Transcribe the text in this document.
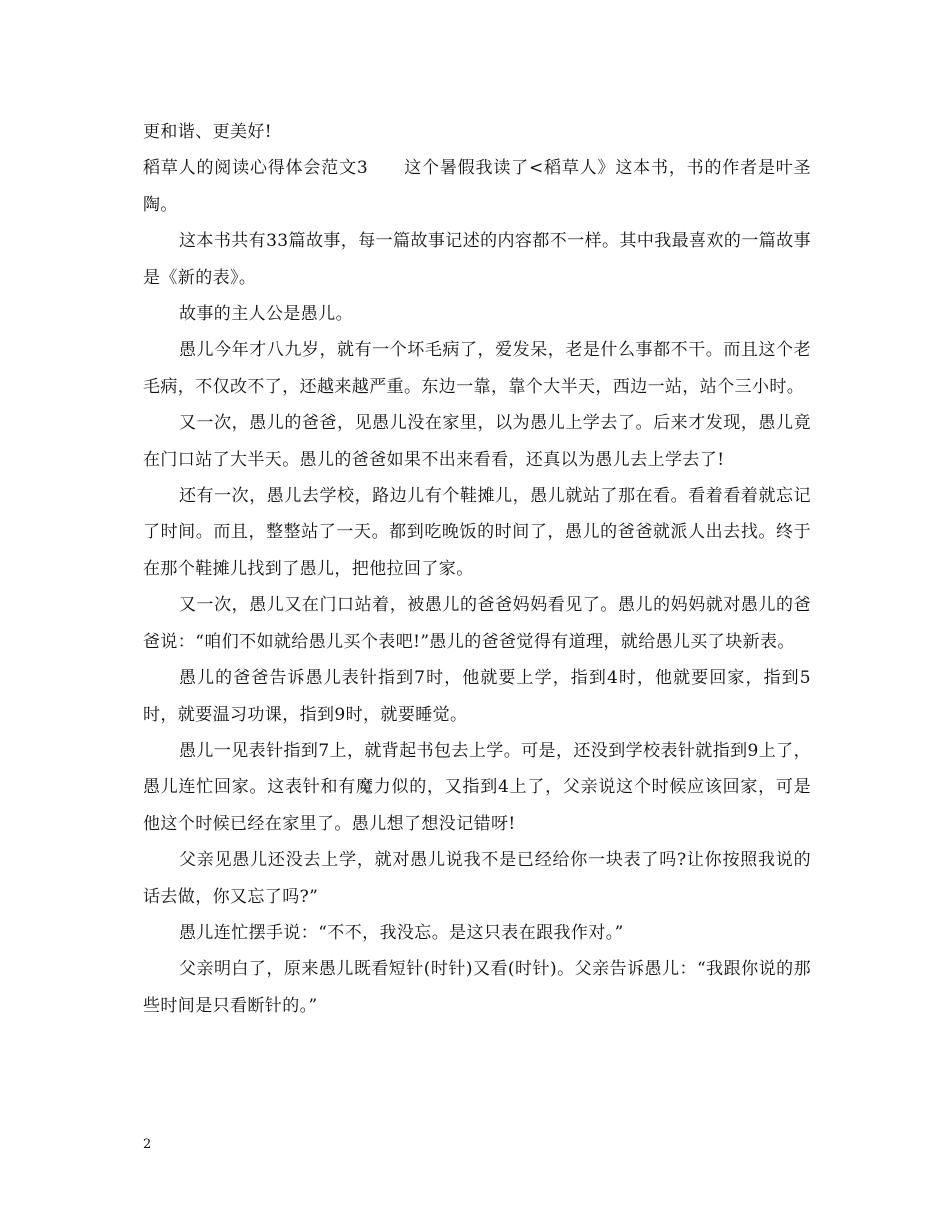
更和谐、更美好!

稻草人的阅读心得体会范文3　　这个暑假我读了<稻草人》这本书，书的作者是叶圣陶。

这本书共有33篇故事，每一篇故事记述的内容都不一样。其中我最喜欢的一篇故事是《新的表》。

故事的主人公是愚儿。

愚儿今年才八九岁，就有一个坏毛病了，爱发呆，老是什么事都不干。而且这个老毛病，不仅改不了，还越来越严重。东边一靠，靠个大半天，西边一站，站个三小时。

又一次，愚儿的爸爸，见愚儿没在家里，以为愚儿上学去了。后来才发现，愚儿竟在门口站了大半天。愚儿的爸爸如果不出来看看，还真以为愚儿去上学去了!

还有一次，愚儿去学校，路边儿有个鞋摊儿，愚儿就站了那在看。看着看着就忘记了时间。而且，整整站了一天。都到吃晚饭的时间了，愚儿的爸爸就派人出去找。终于在那个鞋摊儿找到了愚儿，把他拉回了家。

又一次，愚儿又在门口站着，被愚儿的爸爸妈妈看见了。愚儿的妈妈就对愚儿的爸爸说：“咱们不如就给愚儿买个表吧!”愚儿的爸爸觉得有道理，就给愚儿买了块新表。

愚儿的爸爸告诉愚儿表针指到7时，他就要上学，指到4时，他就要回家，指到5时，就要温习功课，指到9时，就要睡觉。

愚儿一见表针指到7上，就背起书包去上学。可是，还没到学校表针就指到9上了，愚儿连忙回家。这表针和有魔力似的，又指到4上了，父亲说这个时候应该回家，可是他这个时候已经在家里了。愚儿想了想没记错呀!

父亲见愚儿还没去上学，就对愚儿说我不是已经给你一块表了吗?让你按照我说的话去做，你又忘了吗?”

愚儿连忙摆手说：“不不，我没忘。是这只表在跟我作对。”

父亲明白了，原来愚儿既看短针(时针)又看(时针)。父亲告诉愚儿：“我跟你说的那些时间是只看断针的。”

2
